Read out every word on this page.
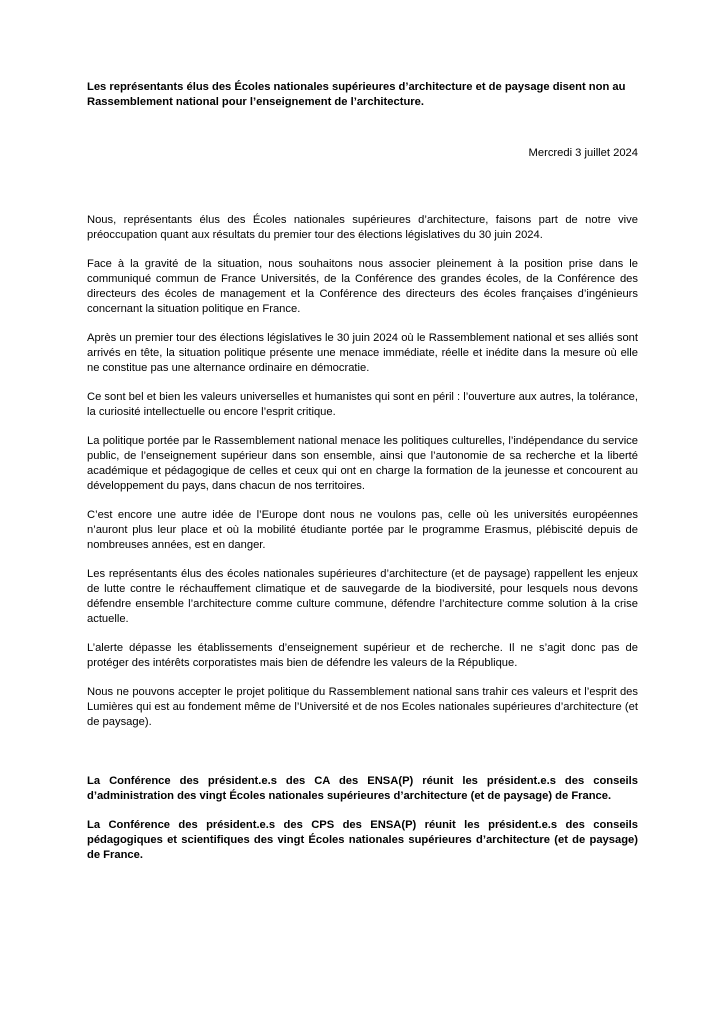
Les représentants élus des Écoles nationales supérieures d’architecture et de paysage disent non au Rassemblement national pour l’enseignement de l’architecture.

Mercredi 3 juillet 2024

Nous, représentants élus des Écoles nationales supérieures d’architecture, faisons part de notre vive préoccupation quant aux résultats du premier tour des élections législatives du 30 juin 2024.

Face à la gravité de la situation, nous souhaitons nous associer pleinement à la position prise dans le communiqué commun de France Universités, de la Conférence des grandes écoles, de la Conférence des directeurs des écoles de management et la Conférence des directeurs des écoles françaises d’ingénieurs concernant la situation politique en France.

Après un premier tour des élections législatives le 30 juin 2024 où le Rassemblement national et ses alliés sont arrivés en tête, la situation politique présente une menace immédiate, réelle et inédite dans la mesure où elle ne constitue pas une alternance ordinaire en démocratie.

Ce sont bel et bien les valeurs universelles et humanistes qui sont en péril : l’ouverture aux autres, la tolérance, la curiosité intellectuelle ou encore l’esprit critique.

La politique portée par le Rassemblement national menace les politiques culturelles, l’indépendance du service public, de l’enseignement supérieur dans son ensemble, ainsi que l’autonomie de sa recherche et la liberté académique et pédagogique de celles et ceux qui ont en charge la formation de la jeunesse et concourent au développement du pays, dans chacun de nos territoires.

C’est encore une autre idée de l’Europe dont nous ne voulons pas, celle où les universités européennes n’auront plus leur place et où la mobilité étudiante portée par le programme Erasmus, plébiscité depuis de nombreuses années, est en danger.

Les représentants élus des écoles nationales supérieures d’architecture (et de paysage) rappellent les enjeux de lutte contre le réchauffement climatique et de sauvegarde de la biodiversité, pour lesquels nous devons défendre ensemble l’architecture comme culture commune, défendre l’architecture comme solution à la crise actuelle.

L’alerte dépasse les établissements d’enseignement supérieur et de recherche. Il ne s’agit donc pas de protéger des intérêts corporatistes mais bien de défendre les valeurs de la République.

Nous ne pouvons accepter le projet politique du Rassemblement national sans trahir ces valeurs et l’esprit des Lumières qui est au fondement même de l’Université et de nos Ecoles nationales supérieures d’architecture (et de paysage).

La Conférence des président.e.s des CA des ENSA(P) réunit les président.e.s des conseils d’administration des vingt Écoles nationales supérieures d’architecture (et de paysage) de France.

La Conférence des président.e.s des CPS des ENSA(P) réunit les président.e.s des conseils pédagogiques et scientifiques des vingt Écoles nationales supérieures d’architecture (et de paysage) de France.
